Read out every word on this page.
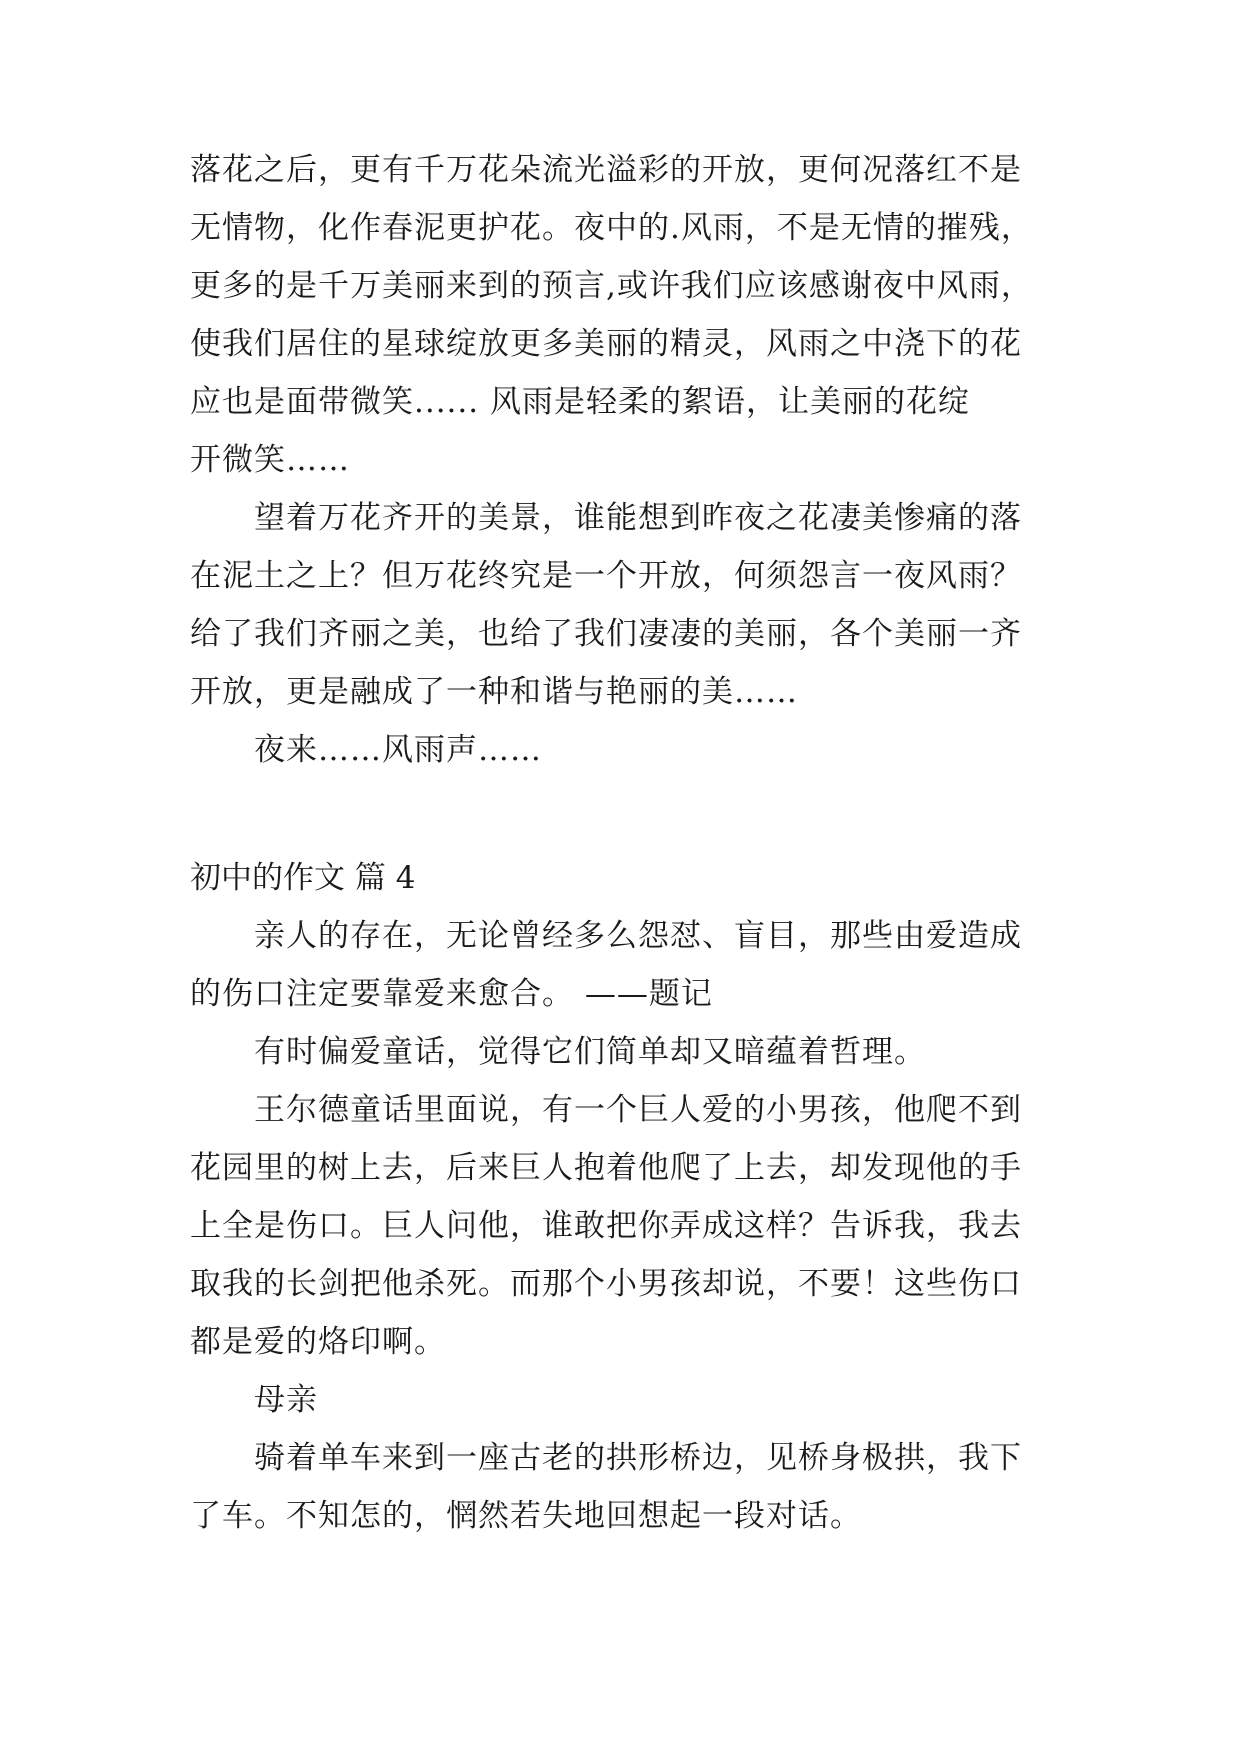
落花之后，更有千万花朵流光溢彩的开放，更何况落红不是
无情物，化作春泥更护花。夜中的.风雨，不是无情的摧残，
更多的是千万美丽来到的预言,或许我们应该感谢夜中风雨，
使我们居住的星球绽放更多美丽的精灵，风雨之中浇下的花
应也是面带微笑...... 风雨是轻柔的絮语，让美丽的花绽
开微笑……
望着万花齐开的美景，谁能想到昨夜之花凄美惨痛的落
在泥土之上？但万花终究是一个开放，何须怨言一夜风雨？
给了我们齐丽之美，也给了我们凄凄的美丽，各个美丽一齐
开放，更是融成了一种和谐与艳丽的美……
夜来……风雨声……
初中的作文 篇 4
亲人的存在，无论曾经多么怨怼、盲目，那些由爱造成
的伤口注定要靠爱来愈合。 ——题记
有时偏爱童话，觉得它们简单却又暗蕴着哲理。
王尔德童话里面说，有一个巨人爱的小男孩，他爬不到
花园里的树上去，后来巨人抱着他爬了上去，却发现他的手
上全是伤口。巨人问他，谁敢把你弄成这样？告诉我，我去
取我的长剑把他杀死。而那个小男孩却说，不要！这些伤口
都是爱的烙印啊。
母亲
骑着单车来到一座古老的拱形桥边，见桥身极拱，我下
了车。不知怎的，惘然若失地回想起一段对话。
